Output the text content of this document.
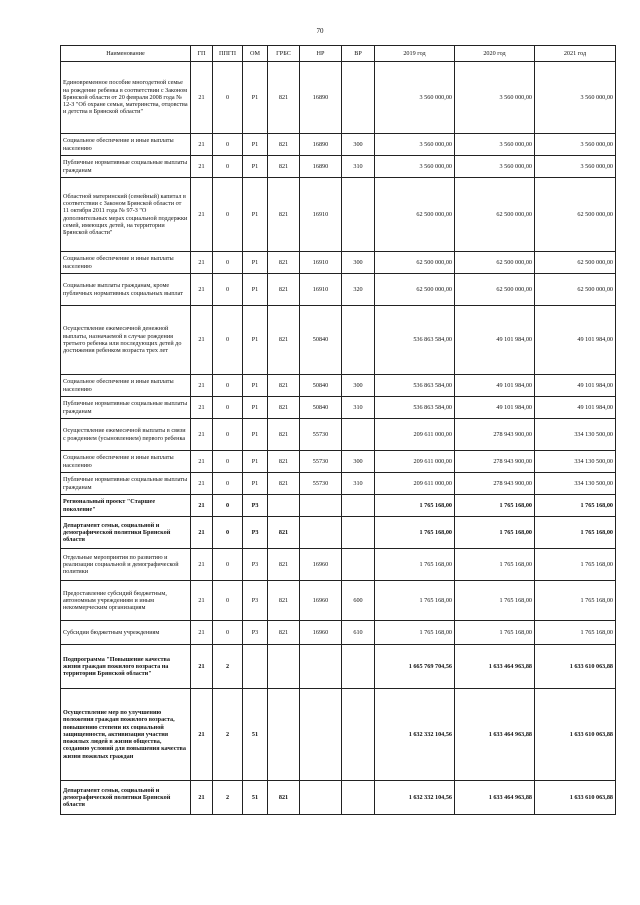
70
Наименование	ГП	ППГП	ОМ	ГРБС	НР	ВР	2019 год	2020 год	2021 год
Единовременное пособие многодетной семье на рождение ребенка в соответствии с Законом Брянской области от 20 февраля 2008 года № 12-З "Об охране семьи, материнства, отцовства и детства в Брянской области"	21	0	Р1	821	16890		3 560 000,00	3 560 000,00	3 560 000,00
Социальное обеспечение и иные выплаты населению	21	0	Р1	821	16890	300	3 560 000,00	3 560 000,00	3 560 000,00
Публичные нормативные социальные выплаты гражданам	21	0	Р1	821	16890	310	3 560 000,00	3 560 000,00	3 560 000,00
Областной материнский (семейный) капитал в соответствии с Законом Брянской области от 11 октября 2011 года № 97-З "О дополнительных мерах социальной поддержки семей, имеющих детей, на территории Брянской области"	21	0	Р1	821	16910		62 500 000,00	62 500 000,00	62 500 000,00
Социальное обеспечение и иные выплаты населению	21	0	Р1	821	16910	300	62 500 000,00	62 500 000,00	62 500 000,00
Социальные выплаты гражданам, кроме публичных нормативных социальных выплат	21	0	Р1	821	16910	320	62 500 000,00	62 500 000,00	62 500 000,00
Осуществление ежемесячной денежной выплаты, назначаемой в случае рождения третьего ребенка или последующих детей до достижения ребенком возраста трех лет	21	0	Р1	821	50840		536 863 584,00	49 101 984,00	49 101 984,00
Социальное обеспечение и иные выплаты населению	21	0	Р1	821	50840	300	536 863 584,00	49 101 984,00	49 101 984,00
Публичные нормативные социальные выплаты гражданам	21	0	Р1	821	50840	310	536 863 584,00	49 101 984,00	49 101 984,00
Осуществление ежемесячной выплаты в связи с рождением (усыновлением) первого ребенка	21	0	Р1	821	55730		209 611 000,00	278 943 900,00	334 130 500,00
Социальное обеспечение и иные выплаты населению	21	0	Р1	821	55730	300	209 611 000,00	278 943 900,00	334 130 500,00
Публичные нормативные социальные выплаты гражданам	21	0	Р1	821	55730	310	209 611 000,00	278 943 900,00	334 130 500,00
Региональный проект "Старшее поколение"	21	0	Р3				1 765 168,00	1 765 168,00	1 765 168,00
Департамент семьи, социальной и демографической политики Брянской области	21	0	Р3	821			1 765 168,00	1 765 168,00	1 765 168,00
Отдельные мероприятия по развитию и реализации социальной и демографической политики	21	0	Р3	821	16960		1 765 168,00	1 765 168,00	1 765 168,00
Предоставление субсидий бюджетным, автономным учреждениям и иным некоммерческим организациям	21	0	Р3	821	16960	600	1 765 168,00	1 765 168,00	1 765 168,00
Субсидии бюджетным учреждениям	21	0	Р3	821	16960	610	1 765 168,00	1 765 168,00	1 765 168,00
Подпрограмма "Повышение качества жизни граждан пожилого возраста на территории Брянской области"	21	2					1 665 769 704,56	1 633 464 963,88	1 633 610 063,88
Осуществление мер по улучшению положения граждан пожилого возраста, повышению степени их социальной защищенности, активизация участия пожилых людей в жизни общества, созданию условий для повышения качества жизни пожилых граждан	21	2	51				1 632 332 104,56	1 633 464 963,88	1 633 610 063,88
Департамент семьи, социальной и демографической политики Брянской области	21	2	51	821			1 632 332 104,56	1 633 464 963,88	1 633 610 063,88
